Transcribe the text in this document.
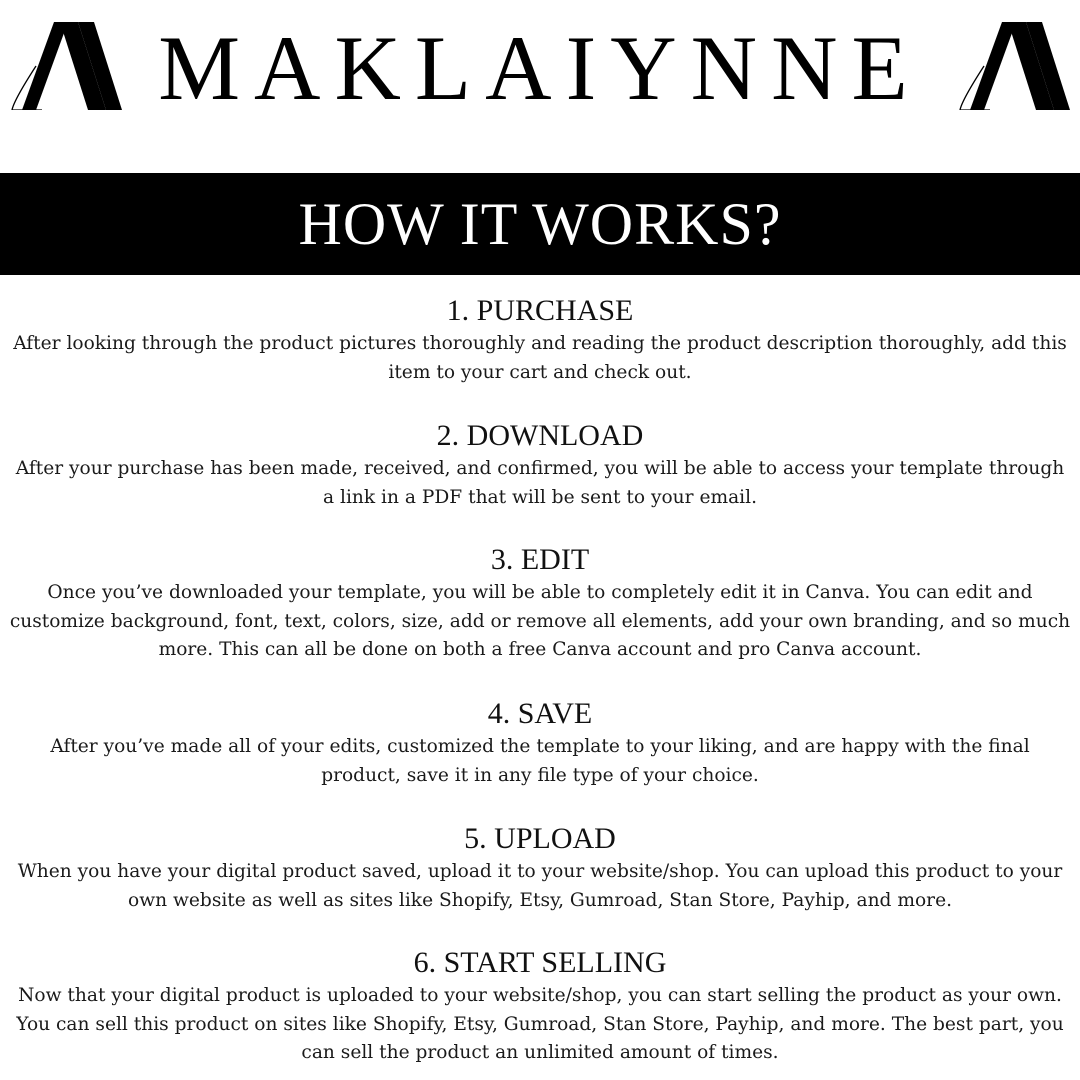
MAKLAIYNNE
HOW IT WORKS?
1. PURCHASE
After looking through the product pictures thoroughly and reading the product description thoroughly, add this item to your cart and check out.
2. DOWNLOAD
After your purchase has been made, received, and confirmed, you will be able to access your template through a link in a PDF that will be sent to your email.
3. EDIT
Once you’ve downloaded your template, you will be able to completely edit it in Canva. You can edit and customize background, font, text, colors, size, add or remove all elements, add your own branding, and so much more. This can all be done on both a free Canva account and pro Canva account.
4. SAVE
After you’ve made all of your edits, customized the template to your liking, and are happy with the final product, save it in any file type of your choice.
5. UPLOAD
When you have your digital product saved, upload it to your website/shop. You can upload this product to your own website as well as sites like Shopify, Etsy, Gumroad, Stan Store, Payhip, and more.
6. START SELLING
Now that your digital product is uploaded to your website/shop, you can start selling the product as your own. You can sell this product on sites like Shopify, Etsy, Gumroad, Stan Store, Payhip, and more. The best part, you can sell the product an unlimited amount of times.
